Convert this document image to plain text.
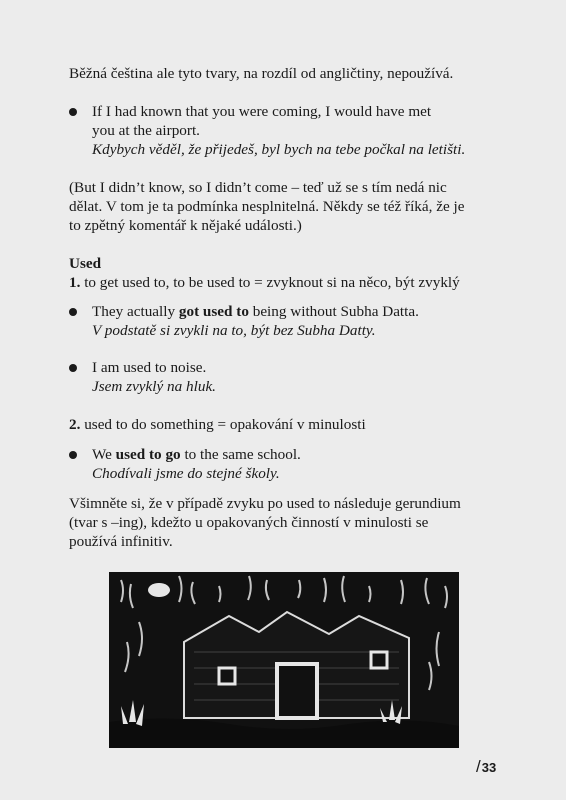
Běžná čeština ale tyto tvary, na rozdíl od angličtiny, nepoužívá.
If I had known that you were coming, I would have met
you at the airport.
Kdybych věděl, že přijedeš, byl bych na tebe počkal na letišti.
(But I didn’t know, so I didn’t come – teď už se s tím nedá nic
dělat. V tom je ta podmínka nesplnitelná. Někdy se též říká, že je
to zpětný komentář k nějaké události.)
Used
1. to get used to, to be used to = zvyknout si na něco, být zvyklý
They actually got used to being without Subha Datta.
V podstatě si zvykli na to, být bez Subha Datty.
I am used to noise.
Jsem zvyklý na hluk.
2. used to do something = opakování v minulosti
We used to go to the same school.
Chodívali jsme do stejné školy.
Všimněte si, že v případě zvyku po used to následuje gerundium
(tvar s –ing), kdežto u opakovaných činností v minulosti se
používá infinitiv.
/33
